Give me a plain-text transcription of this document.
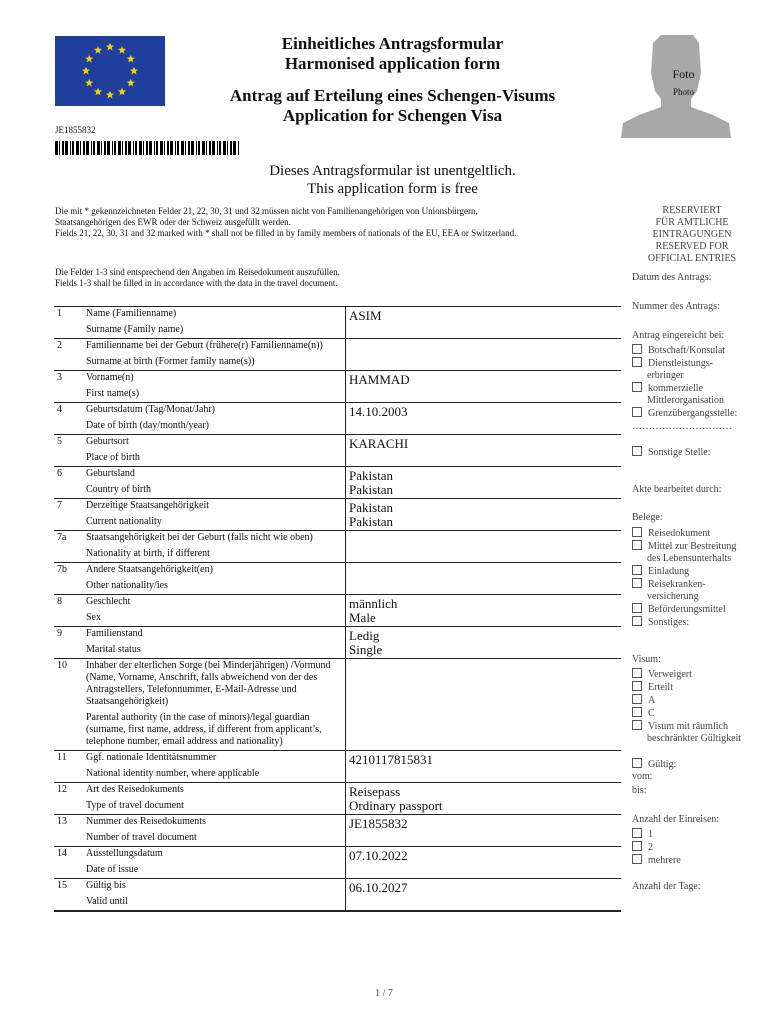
Einheitliches Antragsformular
Harmonised application form
Antrag auf Erteilung eines Schengen-Visums
Application for Schengen Visa
Foto
Photo
JE1855832
Dieses Antragsformular ist unentgeltlich.
This application form is free
Die mit * gekennzeichneten Felder 21, 22, 30, 31 und 32 müssen nicht von Familienangehörigen von Unionsbürgern, Staatsangehörigen des EWR oder der Schweiz ausgefüllt werden.
Fields 21, 22, 30, 31 and 32 marked with * shall not be filled in by family members of nationals of the EU, EEA or Switzerland.
Die Felder 1-3 sind entsprechend den Angaben im Reisedokument auszufüllen.
Fields 1-3 shall be filled in in accordance with the data in the travel document.
1	Name (Familienname)
Surname (Family name)	ASIM

2	Familienname bei der Geburt (frühere(r) Familienname(n))
Surname at birth (Former family name(s))	

3	Vorname(n)
First name(s)	HAMMAD

4	Geburtsdatum (Tag/Monat/Jahr)
Date of birth (day/month/year)	14.10.2003

5	Geburtsort
Place of birth	KARACHI

6	Geburtsland
Country of birth	Pakistan
Pakistan

7	Derzeitige Staatsangehörigkeit
Current nationality	Pakistan
Pakistan

7a	Staatsangehörigkeit bei der Geburt (falls nicht wie oben)
Nationality at birth, if different	

7b	Andere Staatsangehörigkeit(en)
Other nationality/ies	

8	Geschlecht
Sex	männlich
Male

9	Familienstand
Marital status	Ledig
Single

10	Inhaber der elterlichen Sorge (bei Minderjährigen) /Vormund (Name, Vorname, Anschrift, falls abweichend von der des Antragstellers, Telefonnummer, E-Mail-Adresse und Staatsangehörigkeit)
Parental authority (in the case of minors)/legal guardian (surname, first name, address, if different from applicant’s, telephone number, email address and nationality)	

11	Ggf. nationale Identitätsnummer
National identity number, where applicable	4210117815831

12	Art des Reisedokuments
Type of travel document	Reisepass
Ordinary passport

13	Nummer des Reisedokuments
Number of travel document	JE1855832

14	Ausstellungsdatum
Date of issue	07.10.2022

15	Gültig bis
Valid until	06.10.2027
RESERVIERT
FÜR AMTLICHE
EINTRAGUNGEN
RESERVED FOR
OFFICIAL ENTRIES
Datum des Antrags:
Nummer des Antrags:
Antrag eingereicht bei:
Botschaft/Konsulat
Dienstleistungs-
erbringer
kommerzielle
Mittlerorganisation
Grenzübergangsstelle:
…………………………
Sonstige Stelle:
Akte bearbeitet durch:
Belege:
Reisedokument
Mittel zur Bestreitung
des Lebensunterhalts
Einladung
Reisekranken-
versicherung
Beförderungsmittel
Sonstiges:
Visum:
Verweigert
Erteilt
A
C
Visum mit räumlich
beschränkter Gültigkeit
Gültig:
vom:
bis:
Anzahl der Einreisen:
1
2
mehrere
Anzahl der Tage:
1 / 7
